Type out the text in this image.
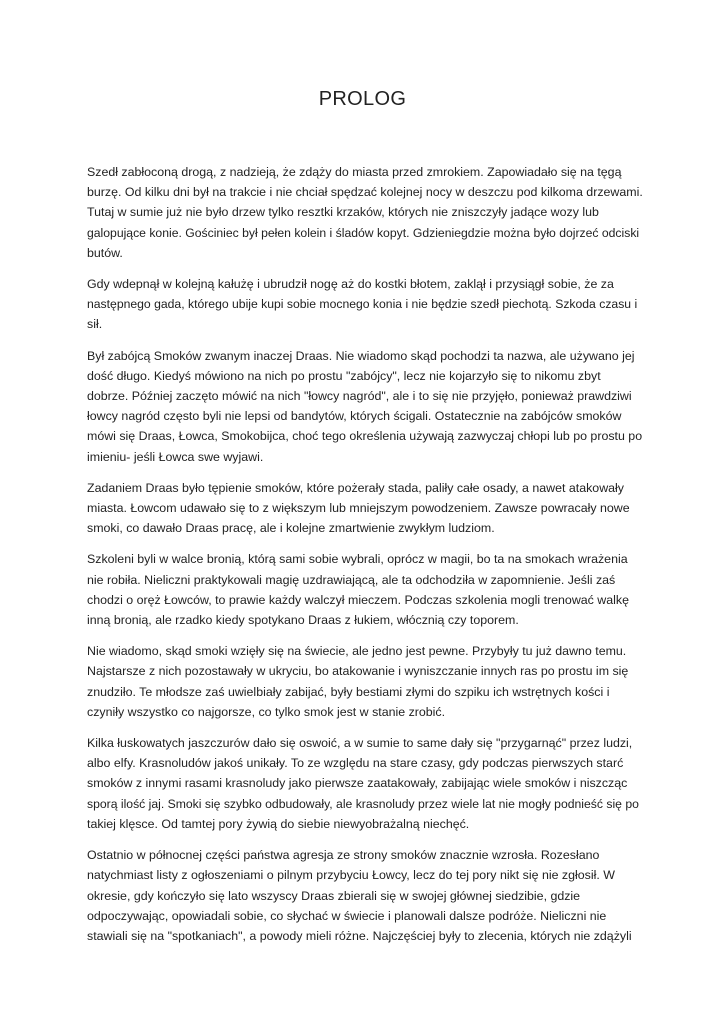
PROLOG

Szedł zabłoconą drogą, z nadzieją, że zdąży do miasta przed zmrokiem. Zapowiadało się na tęgą
burzę. Od kilku dni był na trakcie i nie chciał spędzać kolejnej nocy w deszczu pod kilkoma drzewami.
Tutaj w sumie już nie było drzew tylko resztki krzaków, których nie zniszczyły jadące wozy lub
galopujące konie. Gościniec był pełen kolein i śladów kopyt. Gdzieniegdzie można było dojrzeć odciski
butów.

Gdy wdepnął w kolejną kałużę i ubrudził nogę aż do kostki błotem, zaklął i przysiągł sobie, że za
następnego gada, którego ubije kupi sobie mocnego konia i nie będzie szedł piechotą. Szkoda czasu i
sił.

Był zabójcą Smoków zwanym inaczej Draas. Nie wiadomo skąd pochodzi ta nazwa, ale używano jej
dość długo. Kiedyś mówiono na nich po prostu "zabójcy", lecz nie kojarzyło się to nikomu zbyt
dobrze. Później zaczęto mówić na nich "łowcy nagród", ale i to się nie przyjęło, ponieważ prawdziwi
łowcy nagród często byli nie lepsi od bandytów, których ścigali. Ostatecznie na zabójców smoków
mówi się Draas, Łowca, Smokobijca, choć tego określenia używają zazwyczaj chłopi lub po prostu po
imieniu- jeśli Łowca swe wyjawi.

Zadaniem Draas było tępienie smoków, które pożerały stada, paliły całe osady, a nawet atakowały
miasta. Łowcom udawało się to z większym lub mniejszym powodzeniem. Zawsze powracały nowe
smoki, co dawało Draas pracę, ale i kolejne zmartwienie zwykłym ludziom.

Szkoleni byli w walce bronią, którą sami sobie wybrali, oprócz w magii, bo ta na smokach wrażenia
nie robiła. Nieliczni praktykowali magię uzdrawiającą, ale ta odchodziła w zapomnienie. Jeśli zaś
chodzi o oręż Łowców, to prawie każdy walczył mieczem. Podczas szkolenia mogli trenować walkę
inną bronią, ale rzadko kiedy spotykano Draas z łukiem, włócznią czy toporem.

Nie wiadomo, skąd smoki wzięły się na świecie, ale jedno jest pewne. Przybyły tu już dawno temu.
Najstarsze z nich pozostawały w ukryciu, bo atakowanie i wyniszczanie innych ras po prostu im się
znudziło. Te młodsze zaś uwielbiały zabijać, były bestiami złymi do szpiku ich wstrętnych kości i
czyniły wszystko co najgorsze, co tylko smok jest w stanie zrobić.

Kilka łuskowatych jaszczurów dało się oswoić, a w sumie to same dały się "przygarnąć" przez ludzi,
albo elfy. Krasnoludów jakoś unikały. To ze względu na stare czasy, gdy podczas pierwszych starć
smoków z innymi rasami krasnoludy jako pierwsze zaatakowały, zabijając wiele smoków i niszcząc
sporą ilość jaj. Smoki się szybko odbudowały, ale krasnoludy przez wiele lat nie mogły podnieść się po
takiej klęsce. Od tamtej pory żywią do siebie niewyobrażalną niechęć.

Ostatnio w północnej części państwa agresja ze strony smoków znacznie wzrosła. Rozesłano
natychmiast listy z ogłoszeniami o pilnym przybyciu Łowcy, lecz do tej pory nikt się nie zgłosił. W
okresie, gdy kończyło się lato wszyscy Draas zbierali się w swojej głównej siedzibie, gdzie
odpoczywając, opowiadali sobie, co słychać w świecie i planowali dalsze podróże. Nieliczni nie
stawiali się na "spotkaniach", a powody mieli różne. Najczęściej były to zlecenia, których nie zdążyli
